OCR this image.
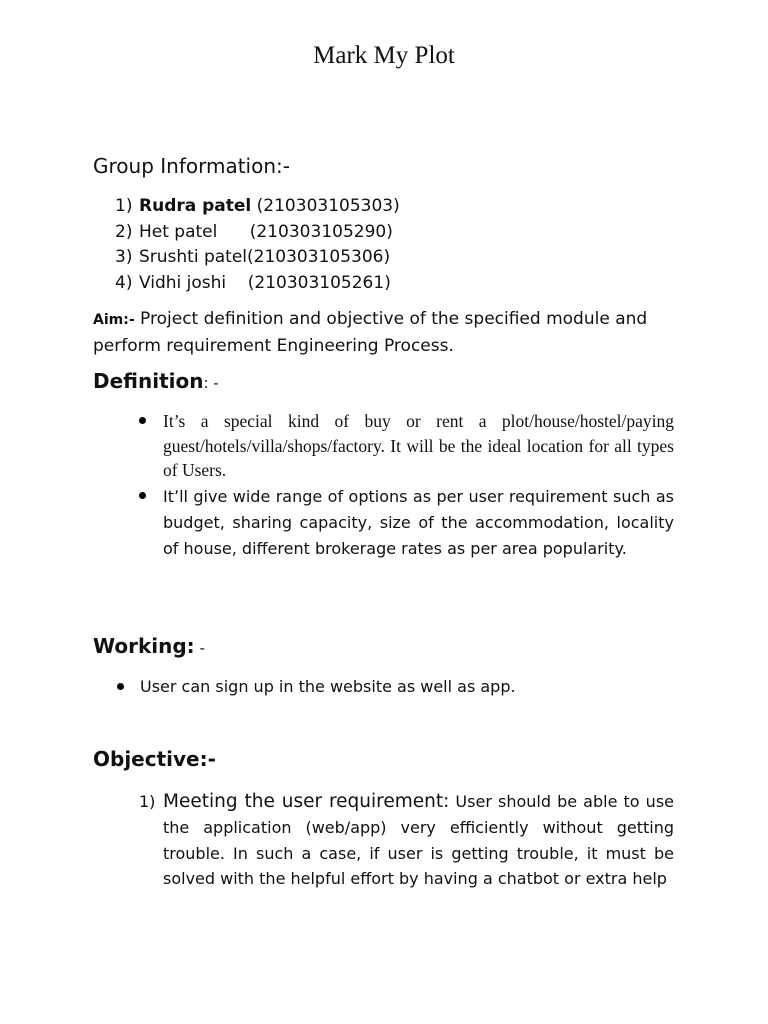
Mark My Plot
Group Information:-
1) Rudra patel (210303105303)
2) Het patel      (210303105290)
3) Srushti patel(210303105306)
4) Vidhi joshi    (210303105261)

Aim:- Project definition and objective of the specified module and perform requirement Engineering Process.

Definition: -
It’s a special kind of buy or rent a plot/house/hostel/paying guest/hotels/villa/shops/factory. It will be the ideal location for all types of Users.
It’ll give wide range of options as per user requirement such as budget, sharing capacity, size of the accommodation, locality of house, different brokerage rates as per area popularity.
Working: -
User can sign up in the website as well as app.
Objective:-

1) Meeting the user requirement: User should be able to use the application (web/app) very efficiently without getting trouble. In such a case, if user is getting trouble, it must be solved with the helpful effort by having a chatbot or extra help
